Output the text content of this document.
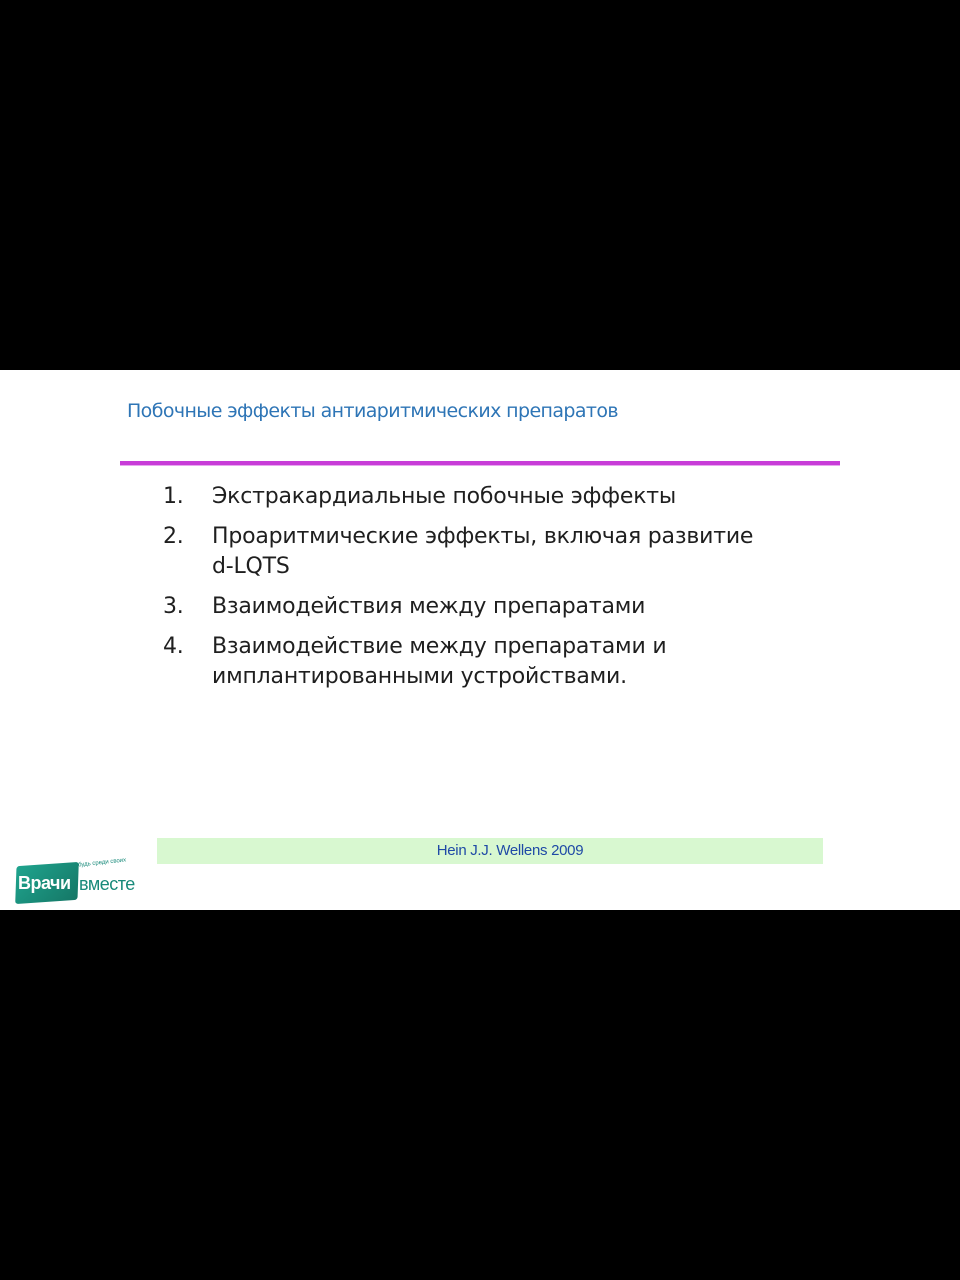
Побочные эффекты антиаритмических препаратов
1. Экстракардиальные побочные эффекты
2. Проаритмические эффекты, включая развитие
d-LQTS
3. Взаимодействия между препаратами
4. Взаимодействие между препаратами и
имплантированными устройствами.
Hein J.J. Wellens 2009
Врачи
будь среди своих
вместе
